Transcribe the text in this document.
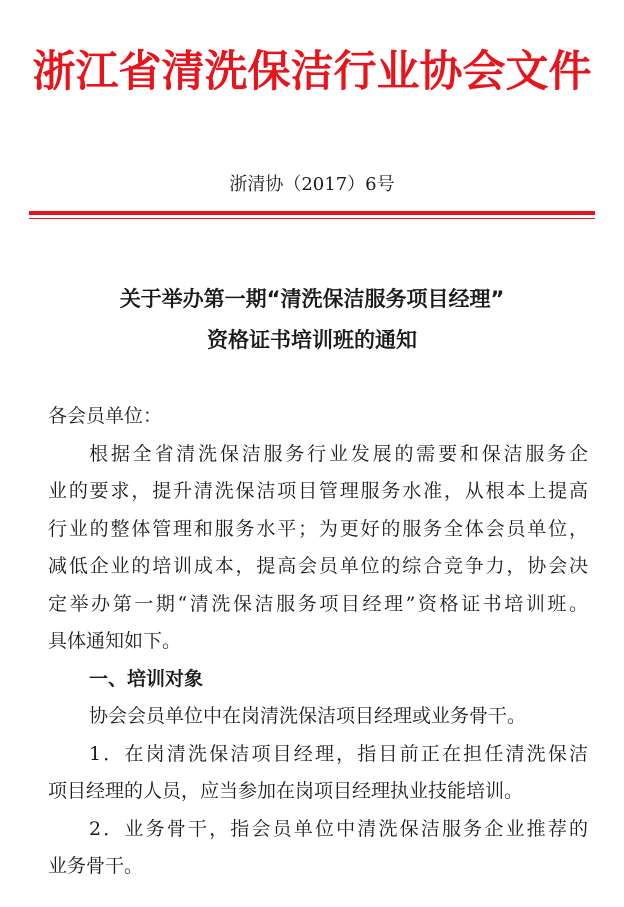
浙江省清洗保洁行业协会文件
浙清协（2017）6号
关于举办第一期“清洗保洁服务项目经理”
资格证书培训班的通知
各会员单位：
根据全省清洗保洁服务行业发展的需要和保洁服务企
业的要求，提升清洗保洁项目管理服务水准，从根本上提高
行业的整体管理和服务水平；为更好的服务全体会员单位，
减低企业的培训成本，提高会员单位的综合竞争力，协会决
定举办第一期“清洗保洁服务项目经理”资格证书培训班。
具体通知如下。
一、培训对象
协会会员单位中在岗清洗保洁项目经理或业务骨干。
1．在岗清洗保洁项目经理，指目前正在担任清洗保洁
项目经理的人员，应当参加在岗项目经理执业技能培训。
2．业务骨干，指会员单位中清洗保洁服务企业推荐的
业务骨干。
